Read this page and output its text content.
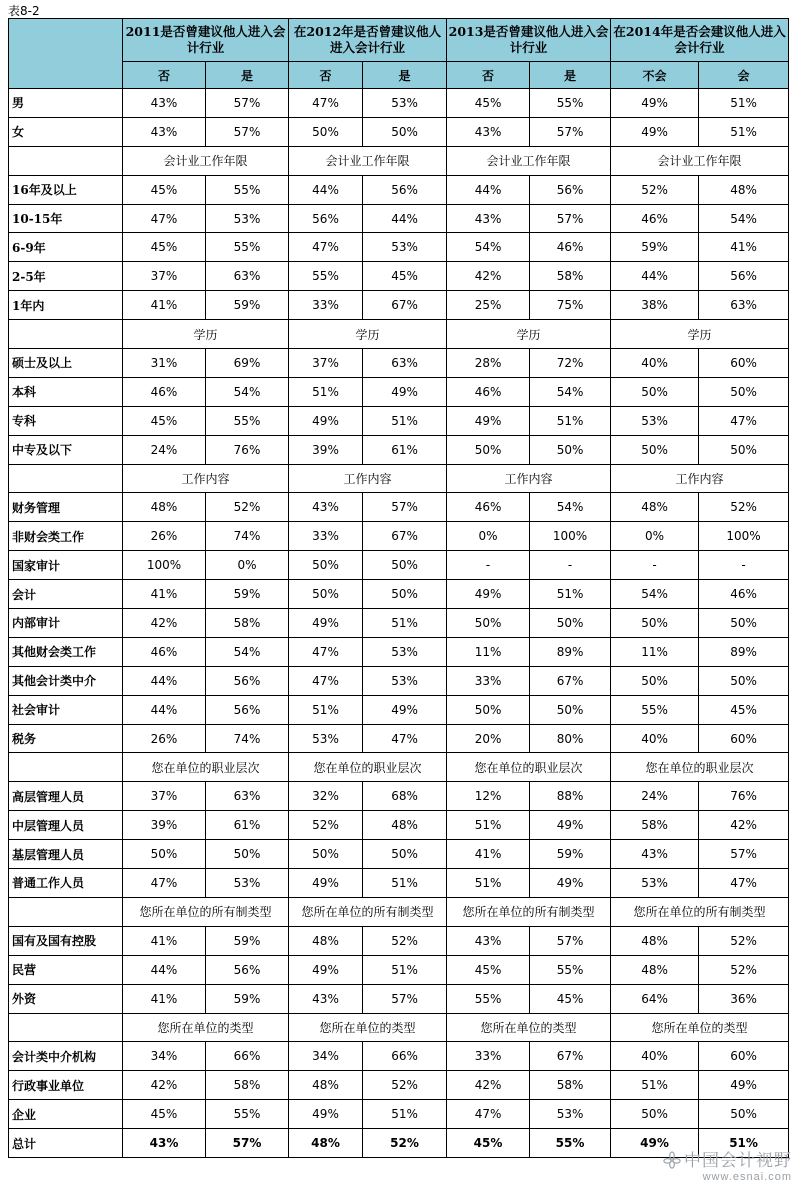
表8-2
	2011是否曾建议他人进入会计行业		在2012年是否曾建议他人进入会计行业		2013是否曾建议他人进入会计行业		在2014年是否会建议他人进入会计行业	
	否	是	否	是	否	是	不会	会
男	43%	57%	47%	53%	45%	55%	49%	51%
女	43%	57%	50%	50%	43%	57%	49%	51%
	会计业工作年限		会计业工作年限		会计业工作年限		会计业工作年限	
16年及以上	45%	55%	44%	56%	44%	56%	52%	48%
10-15年	47%	53%	56%	44%	43%	57%	46%	54%
6-9年	45%	55%	47%	53%	54%	46%	59%	41%
2-5年	37%	63%	55%	45%	42%	58%	44%	56%
1年内	41%	59%	33%	67%	25%	75%	38%	63%
	学历		学历		学历		学历	
硕士及以上	31%	69%	37%	63%	28%	72%	40%	60%
本科	46%	54%	51%	49%	46%	54%	50%	50%
专科	45%	55%	49%	51%	49%	51%	53%	47%
中专及以下	24%	76%	39%	61%	50%	50%	50%	50%
	工作内容		工作内容		工作内容		工作内容	
财务管理	48%	52%	43%	57%	46%	54%	48%	52%
非财会类工作	26%	74%	33%	67%	0%	100%	0%	100%
国家审计	100%	0%	50%	50%	-	-	-	-
会计	41%	59%	50%	50%	49%	51%	54%	46%
内部审计	42%	58%	49%	51%	50%	50%	50%	50%
其他财会类工作	46%	54%	47%	53%	11%	89%	11%	89%
其他会计类中介	44%	56%	47%	53%	33%	67%	50%	50%
社会审计	44%	56%	51%	49%	50%	50%	55%	45%
税务	26%	74%	53%	47%	20%	80%	40%	60%
	您在单位的职业层次		您在单位的职业层次		您在单位的职业层次		您在单位的职业层次	
高层管理人员	37%	63%	32%	68%	12%	88%	24%	76%
中层管理人员	39%	61%	52%	48%	51%	49%	58%	42%
基层管理人员	50%	50%	50%	50%	41%	59%	43%	57%
普通工作人员	47%	53%	49%	51%	51%	49%	53%	47%
	您所在单位的所有制类型		您所在单位的所有制类型		您所在单位的所有制类型		您所在单位的所有制类型	
国有及国有控股	41%	59%	48%	52%	43%	57%	48%	52%
民营	44%	56%	49%	51%	45%	55%	48%	52%
外资	41%	59%	43%	57%	55%	45%	64%	36%
	您所在单位的类型		您所在单位的类型		您所在单位的类型		您所在单位的类型	
会计类中介机构	34%	66%	34%	66%	33%	67%	40%	60%
行政事业单位	42%	58%	48%	52%	42%	58%	51%	49%
企业	45%	55%	49%	51%	47%	53%	50%	50%
总计	43%	57%	48%	52%	45%	55%	49%	51%
中国会计视野
www.esnai.com
